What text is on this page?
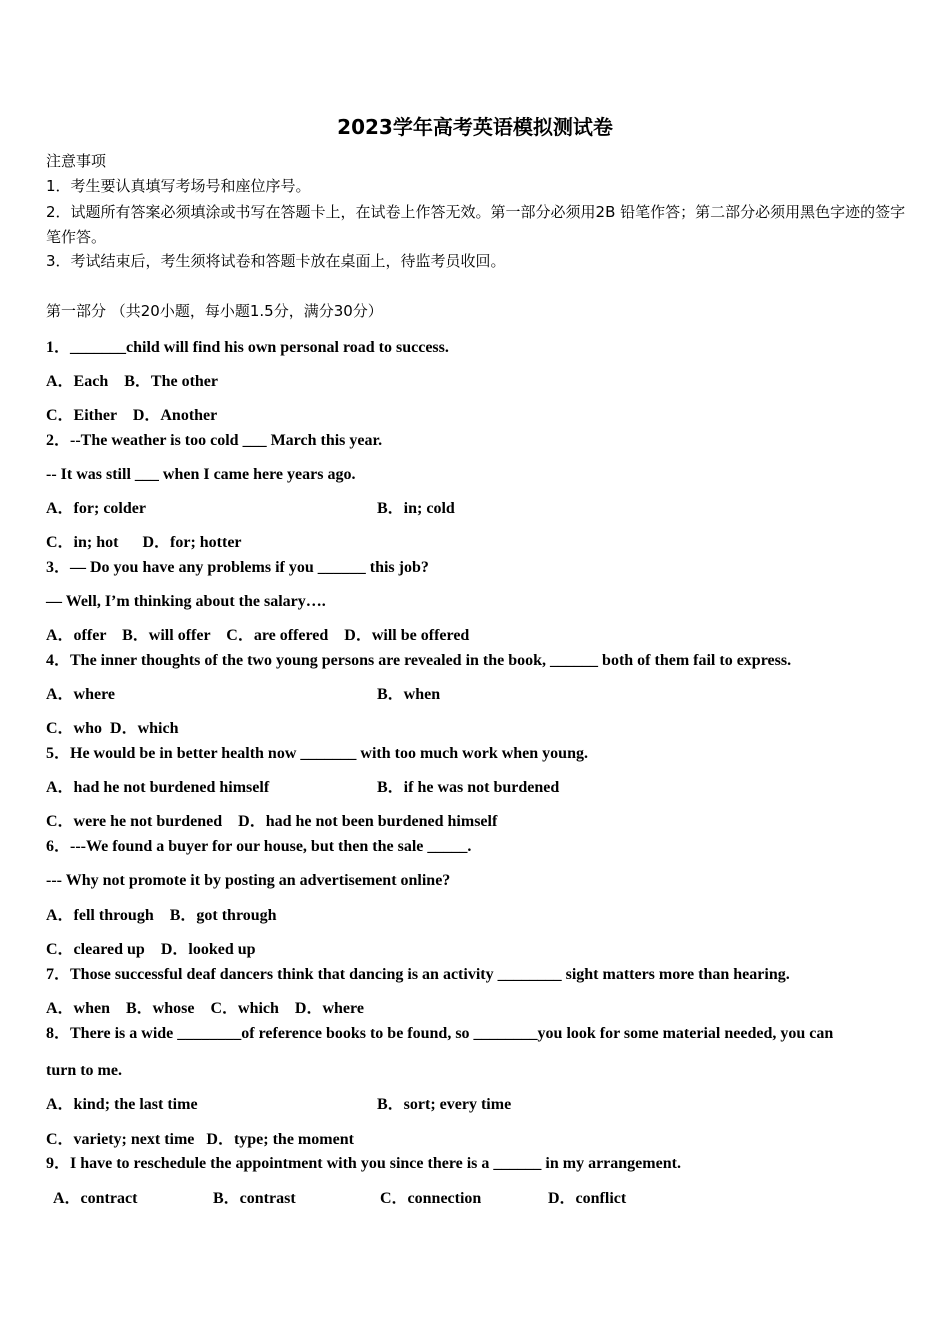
2023学年高考英语模拟测试卷
注意事项
1．考生要认真填写考场号和座位序号。
2．试题所有答案必须填涂或书写在答题卡上，在试卷上作答无效。第一部分必须用2B 铅笔作答；第二部分必须用黑色字迹的签字笔作答。
3．考试结束后，考生须将试卷和答题卡放在桌面上，待监考员收回。
第一部分 （共20小题，每小题1.5分，满分30分）
1．_______child will find his own personal road to success.
A．Each    B．The other
C．Either    D．Another
2．--The weather is too cold ___ March this year.
-- It was still ___ when I came here years ago.
A．for; colder	B．in; cold
C．in; hot      D．for; hotter
3．— Do you have any problems if you ______ this job?
— Well, I’m thinking about the salary….
A．offer    B．will offer    C．are offered    D．will be offered
4．The inner thoughts of the two young persons are revealed in the book, ______ both of them fail to express.
A．where	B．when
C．who  D．which
5．He would be in better health now _______ with too much work when young.
A．had he not burdened himself	B．if he was not burdened
C．were he not burdened    D．had he not been burdened himself
6．---We found a buyer for our house, but then the sale _____.
--- Why not promote it by posting an advertisement online?
A．fell through    B．got through
C．cleared up    D．looked up
7．Those successful deaf dancers think that dancing is an activity ________ sight matters more than hearing.
A．when    B．whose    C．which    D．where
8．There is a wide ________of reference books to be found, so ________you look for some material needed, you can
turn to me.
A．kind; the last time	B．sort; every time
C．variety; next time   D．type; the moment
9．I have to reschedule the appointment with you since there is a ______ in my arrangement.
A．contract	B．contrast	C．connection	D．conflict
